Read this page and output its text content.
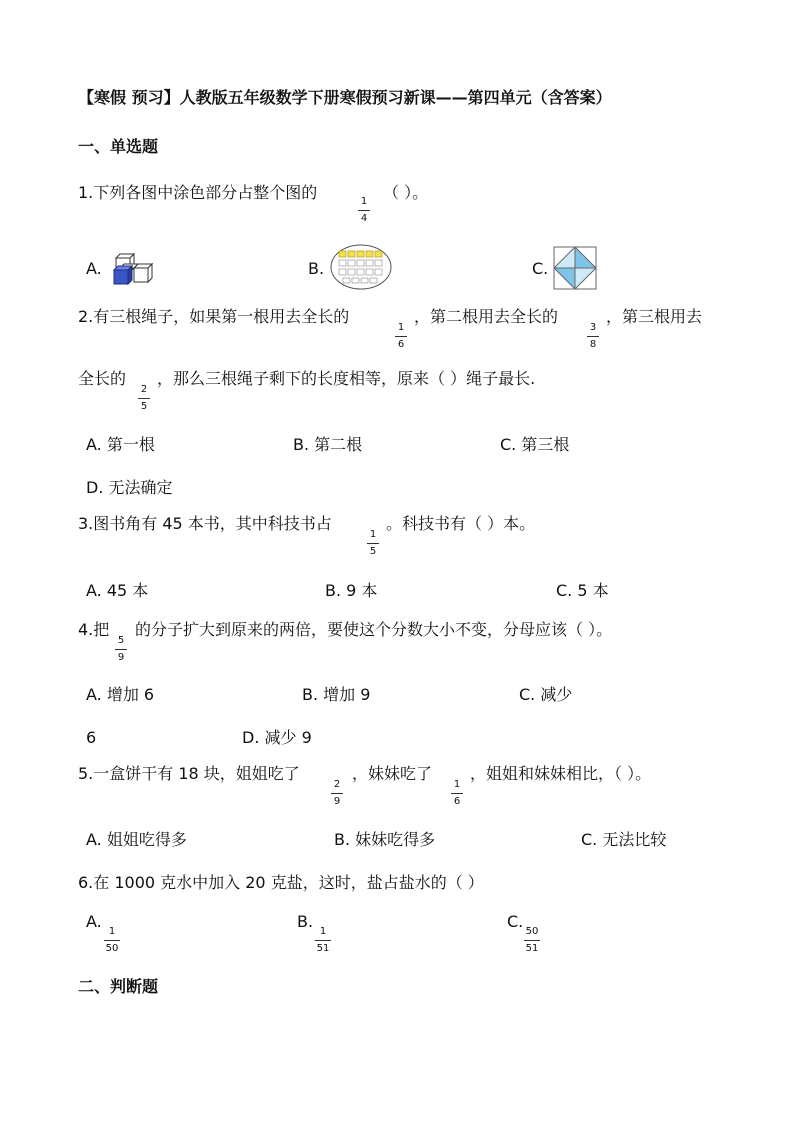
【寒假 预习】人教版五年级数学下册寒假预习新课——第四单元（含答案）
一、单选题
1.下列各图中涂色部分占整个图的	1
4
（ ）。
A.	B.	C.
2.有三根绳子，如果第一根用去全长的
1
6
，第二根用去全长的
3
8
，第三根用去
全长的
2
5
，那么三根绳子剩下的长度相等，原来（ ）绳子最长.
A. 第一根	B. 第二根	C. 第三根
D. 无法确定
3.图书角有 45 本书，其中科技书占
1
5
。科技书有（ ）本。
A. 45 本	B. 9 本	C. 5 本
4.把
5
9
的分子扩大到原来的两倍，要使这个分数大小不变，分母应该（ ）。
A. 增加 6	B. 增加 9	C. 减少
6	D. 减少 9
5.一盒饼干有 18 块，姐姐吃了
2
9
，妹妹吃了
1
6
，姐姐和妹妹相比，（ ）。
A. 姐姐吃得多	B. 妹妹吃得多	C. 无法比较
6.在 1000 克水中加入 20 克盐，这时，盐占盐水的（ ）
A.
1
50
B.
1
51
C.
50
51
二、判断题
